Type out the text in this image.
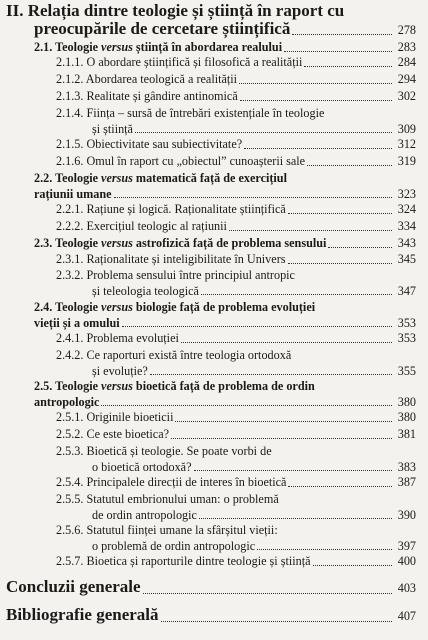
II. Relația dintre teologie și știință în raport cu
preocupările de cercetare științifică	278
2.1. Teologie versus știință în abordarea realului	283
2.1.1. O abordare științifică și filosofică a realității	284
2.1.2. Abordarea teologică a realității	294
2.1.3. Realitate și gândire antinomică	302
2.1.4. Ființa – sursă de întrebări existențiale în teologie
și știință	309
2.1.5. Obiectivitate sau subiectivitate?	312
2.1.6. Omul în raport cu „obiectul” cunoașterii sale	319
2.2. Teologie versus matematică față de exercițiul
rațiunii umane	323
2.2.1. Rațiune și logică. Raționalitate științifică	324
2.2.2. Exercițiul teologic al rațiunii	334
2.3. Teologie versus astrofizică față de problema sensului	343
2.3.1. Raționalitate și inteligibilitate în Univers	345
2.3.2. Problema sensului între principiul antropic
și teleologia teologică	347
2.4. Teologie versus biologie față de problema evoluției
vieții și a omului	353
2.4.1. Problema evoluției	353
2.4.2. Ce raporturi există între teologia ortodoxă
și evoluție?	355
2.5. Teologie versus bioetică față de problema de ordin
antropologic	380
2.5.1. Originile bioeticii	380
2.5.2. Ce este bioetica?	381
2.5.3. Bioetică și teologie. Se poate vorbi de
o bioetică ortodoxă?	383
2.5.4. Principalele direcții de interes în bioetică	387
2.5.5. Statutul embrionului uman: o problemă
de ordin antropologic	390
2.5.6. Statutul ființei umane la sfârșitul vieții:
o problemă de ordin antropologic	397
2.5.7. Bioetica și raporturile dintre teologie și știință	400
Concluzii generale	403
Bibliografie generală	407
